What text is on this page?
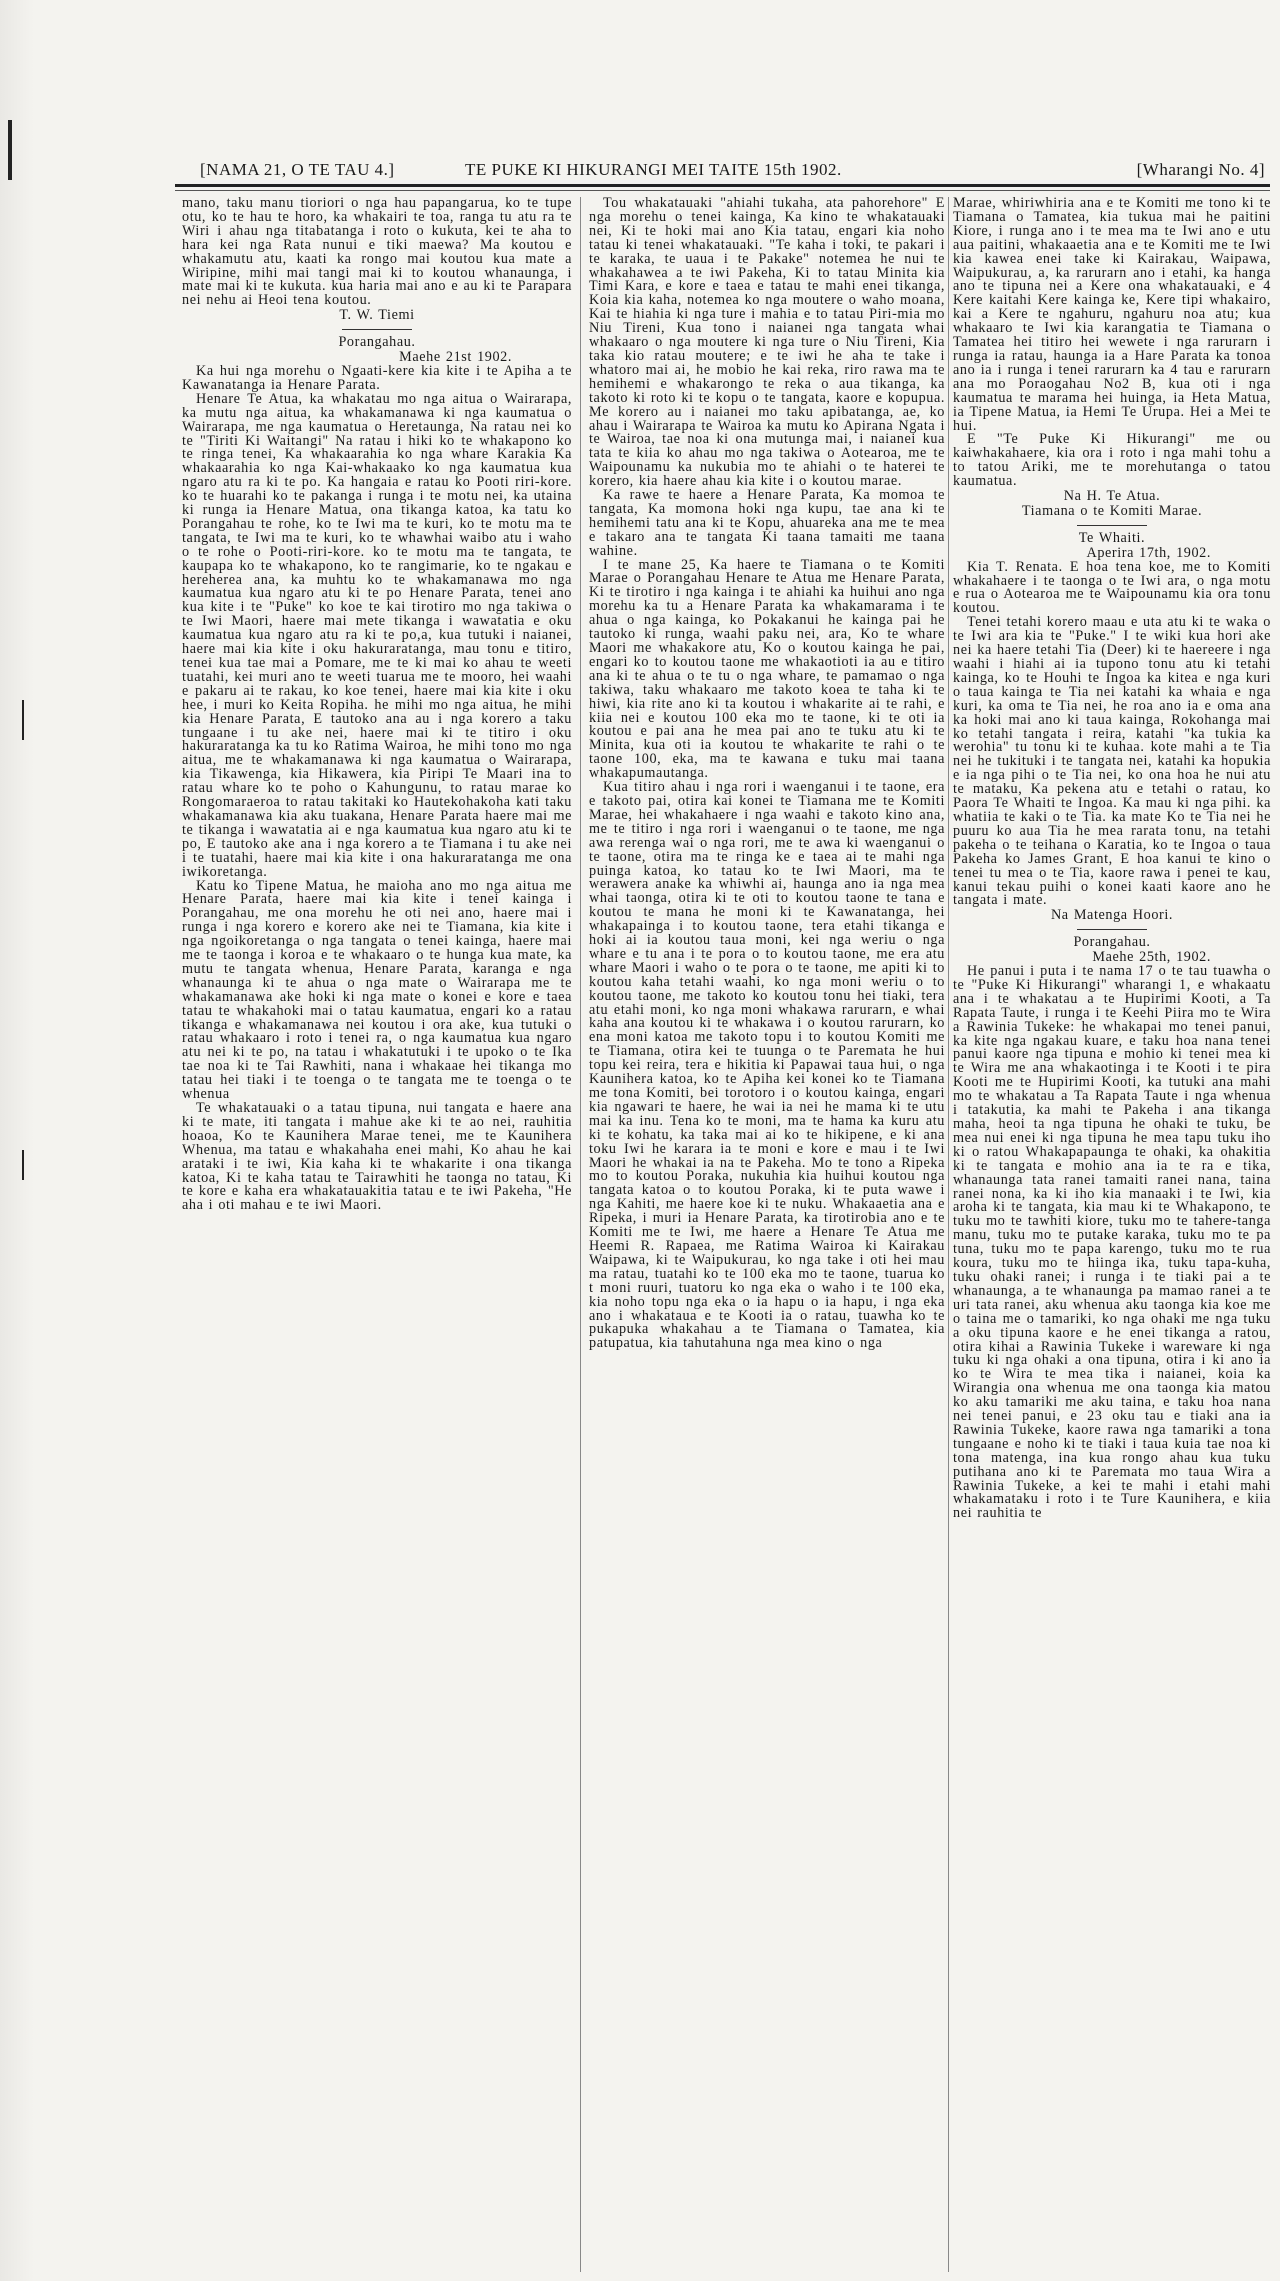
[NAMA 21, O TE TAU 4.]	TE PUKE KI HIKURANGI MEI TAITE 15th 1902.	[Wharangi No. 4]

mano, taku manu tioriori o nga hau papangarua, ko te tupe otu, ko te hau te horo, ka whakairi te toa, ranga tu atu ra te Wiri i ahau nga titabatanga i roto o kukuta, kei te aha to hara kei nga Rata nunui e tiki maewa? Ma koutou e whakamutu atu, kaati ka rongo mai koutou kua mate a Wiripine, mihi mai tangi mai ki to koutou whanaunga, i mate mai ki te kukuta. kua haria mai ano e au ki te Parapara nei nehu ai Heoi tena koutou.

T. W. Tiemi
Porangahau.
Maehe 21st 1902.

Ka hui nga morehu o Ngaati-kere kia kite i te Apiha a te Kawanatanga ia Henare Parata.

Henare Te Atua, ka whakatau mo nga aitua o Wairarapa, ka mutu nga aitua, ka whakamanawa ki nga kaumatua o Wairarapa, me nga kaumatua o Heretaunga, Na ratau nei ko te "Tiriti Ki Waitangi" Na ratau i hiki ko te whakapono ko te ringa tenei, Ka whakaarahia ko nga whare Karakia Ka whakaarahia ko nga Kai-whakaako ko nga kaumatua kua ngaro atu ra ki te po. Ka hangaia e ratau ko Pooti riri-kore. ko te huarahi ko te pakanga i runga i te motu nei, ka utaina ki runga ia Henare Matua, ona tikanga katoa, ka tatu ko Porangahau te rohe, ko te Iwi ma te kuri, ko te motu ma te tangata, te Iwi ma te kuri, ko te whawhai waibo atu i waho o te rohe o Pooti-riri-kore. ko te motu ma te tangata, te kaupapa ko te whakapono, ko te rangimarie, ko te ngakau e hereherea ana, ka muhtu ko te whakamanawa mo nga kaumatua kua ngaro atu ki te po Henare Parata, tenei ano kua kite i te "Puke" ko koe te kai tirotiro mo nga takiwa o te Iwi Maori, haere mai mete tikanga i wawatatia e oku kaumatua kua ngaro atu ra ki te po,a, kua tutuki i naianei, haere mai kia kite i oku hakuraratanga, mau tonu e titiro, tenei kua tae mai a Pomare, me te ki mai ko ahau te weeti tuatahi, kei muri ano te weeti tuarua me te mooro, hei waahi e pakaru ai te rakau, ko koe tenei, haere mai kia kite i oku hee, i muri ko Keita Ropiha. he mihi mo nga aitua, he mihi kia Henare Parata, E tautoko ana au i nga korero a taku tungaane i tu ake nei, haere mai ki te titiro i oku hakuraratanga ka tu ko Ratima Wairoa, he mihi tono mo nga aitua, me te whakamanawa ki nga kaumatua o Wairarapa, kia Tikawenga, kia Hikawera, kia Piripi Te Maari ina to ratau whare ko te poho o Kahungunu, to ratau marae ko Rongomaraeroa to ratau takitaki ko Hautekohakoha kati taku whakamanawa kia aku tuakana, Henare Parata haere mai me te tikanga i wawatatia ai e nga kaumatua kua ngaro atu ki te po, E tautoko ake ana i nga korero a te Tiamana i tu ake nei i te tuatahi, haere mai kia kite i ona hakuraratanga me ona iwikoretanga.

Katu ko Tipene Matua, he maioha ano mo nga aitua me Henare Parata, haere mai kia kite i tenei kainga i Porangahau, me ona morehu he oti nei ano, haere mai i runga i nga korero e korero ake nei te Tiamana, kia kite i nga ngoikoretanga o nga tangata o tenei kainga, haere mai me te taonga i koroa e te whakaaro o te hunga kua mate, ka mutu te tangata whenua, Henare Parata, karanga e nga whanaunga ki te ahua o nga mate o Wairarapa me te whakamanawa ake hoki ki nga mate o konei e kore e taea tatau te whakahoki mai o tatau kaumatua, engari ko a ratau tikanga e whakamanawa nei koutou i ora ake, kua tutuki o ratau whakaaro i roto i tenei ra, o nga kaumatua kua ngaro atu nei ki te po, na tatau i whakatutuki i te upoko o te Ika tae noa ki te Tai Rawhiti, nana i whakaae hei tikanga mo tatau hei tiaki i te toenga o te tangata me te toenga o te whenua

Te whakatauaki o a tatau tipuna, nui tangata e haere ana ki te mate, iti tangata i mahue ake ki te ao nei, rauhitia hoaoa, Ko te Kaunihera Marae tenei, me te Kaunihera Whenua, ma tatau e whakahaha enei mahi, Ko ahau he kai arataki i te iwi, Kia kaha ki te whakarite i ona tikanga katoa, Ki te kaha tatau te Tairawhiti he taonga no tatau, Ki te kore e kaha era whakatauakitia tatau e te iwi Pakeha, "He aha i oti mahau e te iwi Maori.

Tou whakatauaki "ahiahi tukaha, ata pahorehore" E nga morehu o tenei kainga, Ka kino te whakatauaki nei, Ki te hoki mai ano Kia tatau, engari kia noho tatau ki tenei whakatauaki. "Te kaha i toki, te pakari i te karaka, te uaua i te Pakake" notemea he nui te whakahawea a te iwi Pakeha, Ki to tatau Minita kia Timi Kara, e kore e taea e tatau te mahi enei tikanga, Koia kia kaha, notemea ko nga moutere o waho moana, Kai te hiahia ki nga ture i mahia e to tatau Piri-mia mo Niu Tireni, Kua tono i naianei nga tangata whai whakaaro o nga moutere ki nga ture o Niu Tireni, Kia taka kio ratau moutere; e te iwi he aha te take i whatoro mai ai, he mobio he kai reka, riro rawa ma te hemihemi e whakarongo te reka o aua tikanga, ka takoto ki roto ki te kopu o te tangata, kaore e kopupua. Me korero au i naianei mo taku apibatanga, ae, ko ahau i Wairarapa te Wairoa ka mutu ko Apirana Ngata i te Wairoa, tae noa ki ona mutunga mai, i naianei kua tata te kiia ko ahau mo nga takiwa o Aotearoa, me te Waipounamu ka nukubia mo te ahiahi o te haterei te korero, kia haere ahau kia kite i o koutou marae.

Ka rawe te haere a Henare Parata, Ka momoa te tangata, Ka momona hoki nga kupu, tae ana ki te hemihemi tatu ana ki te Kopu, ahuareka ana me te mea e takaro ana te tangata Ki taana tamaiti me taana wahine.

I te mane 25, Ka haere te Tiamana o te Komiti Marae o Porangahau Henare te Atua me Henare Parata, Ki te tirotiro i nga kainga i te ahiahi ka huihui ano nga morehu ka tu a Henare Parata ka whakamarama i te ahua o nga kainga, ko Pokakanui he kainga pai he tautoko ki runga, waahi paku nei, ara, Ko te whare Maori me whakakore atu, Ko o koutou kainga he pai, engari ko to koutou taone me whakaotioti ia au e titiro ana ki te ahua o te tu o nga whare, te pamamao o nga takiwa, taku whakaaro me takoto koea te taha ki te hiwi, kia rite ano ki ta koutou i whakarite ai te rahi, e kiia nei e koutou 100 eka mo te taone, ki te oti ia koutou e pai ana he mea pai ano te tuku atu ki te Minita, kua oti ia koutou te whakarite te rahi o te taone 100, eka, ma te kawana e tuku mai taana whakapumautanga.

Kua titiro ahau i nga rori i waenganui i te taone, era e takoto pai, otira kai konei te Tiamana me te Komiti Marae, hei whakahaere i nga waahi e takoto kino ana, me te titiro i nga rori i waenganui o te taone, me nga awa rerenga wai o nga rori, me te awa ki waenganui o te taone, otira ma te ringa ke e taea ai te mahi nga puinga katoa, ko tatau ko te Iwi Maori, ma te werawera anake ka whiwhi ai, haunga ano ia nga mea whai taonga, otira ki te oti to koutou taone te tana e koutou te mana he moni ki te Kawanatanga, hei whakapainga i to koutou taone, tera etahi tikanga e hoki ai ia koutou taua moni, kei nga weriu o nga whare e tu ana i te pora o to koutou taone, me era atu whare Maori i waho o te pora o te taone, me apiti ki to koutou kaha tetahi waahi, ko nga moni weriu o to koutou taone, me takoto ko koutou tonu hei tiaki, tera atu etahi moni, ko nga moni whakawa rarurarn, e whai kaha ana koutou ki te whakawa i o koutou rarurarn, ko ena moni katoa me takoto topu i to koutou Komiti me te Tiamana, otira kei te tuunga o te Paremata he hui topu kei reira, tera e hikitia ki Papawai taua hui, o nga Kaunihera katoa, ko te Apiha kei konei ko te Tiamana me tona Komiti, bei torotoro i o koutou kainga, engari kia ngawari te haere, he wai ia nei he mama ki te utu mai ka inu. Tena ko te moni, ma te hama ka kuru atu ki te kohatu, ka taka mai ai ko te hikipene, e ki ana toku Iwi he karara ia te moni e kore e mau i te Iwi Maori he whakai ia na te Pakeha. Mo te tono a Ripeka mo to koutou Poraka, nukuhia kia huihui koutou nga tangata katoa o to koutou Poraka, ki te puta wawe i nga Kahiti, me haere koe ki te nuku. Whakaaetia ana e Ripeka, i muri ia Henare Parata, ka tirotirobia ano e te Komiti me te Iwi, me haere a Henare Te Atua me Heemi R. Rapaea, me Ratima Wairoa ki Kairakau Waipawa, ki te Waipukurau, ko nga take i oti hei mau ma ratau, tuatahi ko te 100 eka mo te taone, tuarua ko t moni ruuri, tuatoru ko nga eka o waho i te 100 eka, kia noho topu nga eka o ia hapu o ia hapu, i nga eka ano i whakataua e te Kooti ia o ratau, tuawha ko te pukapuka whakahau a te Tiamana o Tamatea, kia patupatua, kia tahutahuna nga mea kino o nga

Marae, whiriwhiria ana e te Komiti me tono ki te Tiamana o Tamatea, kia tukua mai he paitini Kiore, i runga ano i te mea ma te Iwi ano e utu aua paitini, whakaaetia ana e te Komiti me te Iwi kia kawea enei take ki Kairakau, Waipawa, Waipukurau, a, ka rarurarn ano i etahi, ka hanga ano te tipuna nei a Kere ona whakatauaki, e 4 Kere kaitahi Kere kainga ke, Kere tipi whakairo, kai a Kere te ngahuru, ngahuru noa atu; kua whakaaro te Iwi kia karangatia te Tiamana o Tamatea hei titiro hei wewete i nga rarurarn i runga ia ratau, haunga ia a Hare Parata ka tonoa ano ia i runga i tenei rarurarn ka 4 tau e rarurarn ana mo Poraogahau No2 B, kua oti i nga kaumatua te marama hei huinga, ia Heta Matua, ia Tipene Matua, ia Hemi Te Urupa. Hei a Mei te hui.

E "Te Puke Ki Hikurangi" me ou kaiwhakahaere, kia ora i roto i nga mahi tohu a to tatou Ariki, me te morehutanga o tatou kaumatua.

Na H. Te Atua.
Tiamana o te Komiti Marae.
Te Whaiti.
Aperira 17th, 1902.

Kia T. Renata. E hoa tena koe, me to Komiti whakahaere i te taonga o te Iwi ara, o nga motu e rua o Aotearoa me te Waipounamu kia ora tonu koutou.

Tenei tetahi korero maau e uta atu ki te waka o te Iwi ara kia te "Puke." I te wiki kua hori ake nei ka haere tetahi Tia (Deer) ki te haereere i nga waahi i hiahi ai ia tupono tonu atu ki tetahi kainga, ko te Houhi te Ingoa ka kitea e nga kuri o taua kainga te Tia nei katahi ka whaia e nga kuri, ka oma te Tia nei, he roa ano ia e oma ana ka hoki mai ano ki taua kainga, Rokohanga mai ko tetahi tangata i reira, katahi "ka tukia ka werohia" tu tonu ki te kuhaa. kote mahi a te Tia nei he tukituki i te tangata nei, katahi ka hopukia e ia nga pihi o te Tia nei, ko ona hoa he nui atu te mataku, Ka pekena atu e tetahi o ratau, ko Paora Te Whaiti te Ingoa. Ka mau ki nga pihi. ka whatiia te kaki o te Tia. ka mate Ko te Tia nei he puuru ko aua Tia he mea rarata tonu, na tetahi pakeha o te teihana o Karatia, ko te Ingoa o taua Pakeha ko James Grant, E hoa kanui te kino o tenei tu mea o te Tia, kaore rawa i penei te kau, kanui tekau puihi o konei kaati kaore ano he tangata i mate.

Na Matenga Hoori.
Porangahau.
Maehe 25th, 1902.

He panui i puta i te nama 17 o te tau tuawha o te "Puke Ki Hikurangi" wharangi 1, e whakaatu ana i te whakatau a te Hupirimi Kooti, a Ta Rapata Taute, i runga i te Keehi Piira mo te Wira a Rawinia Tukeke: he whakapai mo tenei panui, ka kite nga ngakau kuare, e taku hoa nana tenei panui kaore nga tipuna e mohio ki tenei mea ki te Wira me ana whakaotinga i te Kooti i te pira Kooti me te Hupirimi Kooti, ka tutuki ana mahi mo te whakatau a Ta Rapata Taute i nga whenua i tatakutia, ka mahi te Pakeha i ana tikanga maha, heoi ta nga tipuna he ohaki te tuku, be mea nui enei ki nga tipuna he mea tapu tuku iho ki o ratou Whakapapaunga te ohaki, ka ohakitia ki te tangata e mohio ana ia te ra e tika, whanaunga tata ranei tamaiti ranei nana, taina ranei nona, ka ki iho kia manaaki i te Iwi, kia aroha ki te tangata, kia mau ki te Whakapono, te tuku mo te tawhiti kiore, tuku mo te tahere-tanga manu, tuku mo te putake karaka, tuku mo te pa tuna, tuku mo te papa karengo, tuku mo te rua koura, tuku mo te hiinga ika, tuku tapa-kuha, tuku ohaki ranei; i runga i te tiaki pai a te whanaunga, a te whanaunga pa mamao ranei a te uri tata ranei, aku whenua aku taonga kia koe me o taina me o tamariki, ko nga ohaki me nga tuku a oku tipuna kaore e he enei tikanga a ratou, otira kihai a Rawinia Tukeke i wareware ki nga tuku ki nga ohaki a ona tipuna, otira i ki ano ia ko te Wira te mea tika i naianei, koia ka Wirangia ona whenua me ona taonga kia matou ko aku tamariki me aku taina, e taku hoa nana nei tenei panui, e 23 oku tau e tiaki ana ia Rawinia Tukeke, kaore rawa nga tamariki a tona tungaane e noho ki te tiaki i taua kuia tae noa ki tona matenga, ina kua rongo ahau kua tuku putihana ano ki te Paremata mo taua Wira a Rawinia Tukeke, a kei te mahi i etahi mahi whakamataku i roto i te Ture Kaunihera, e kiia nei rauhitia te
